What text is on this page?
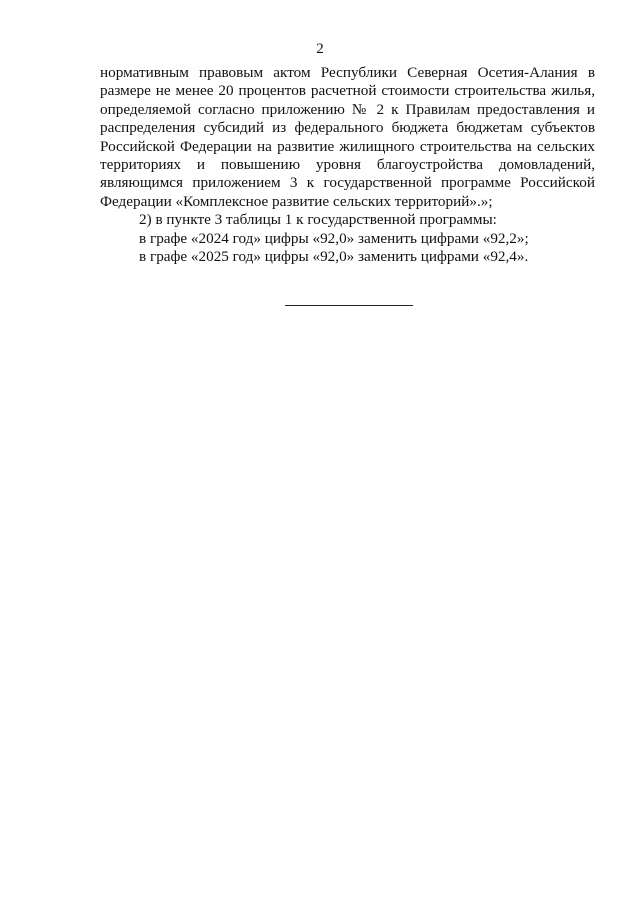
2

нормативным правовым актом Республики Северная Осетия-Алания в размере не менее 20 процентов расчетной стоимости строительства жилья, определяемой согласно приложению № 2 к Правилам предоставления и распределения субсидий из федерального бюджета бюджетам субъектов Российской Федерации на развитие жилищного строительства на сельских территориях и повышению уровня благоустройства домовладений, являющимся приложением 3 к государственной программе Российской Федерации «Комплексное развитие сельских территорий».»;

2) в пункте 3 таблицы 1 к государственной программы:

в графе «2024 год» цифры «92,0» заменить цифрами «92,2»;

в графе «2025 год» цифры «92,0» заменить цифрами «92,4».
